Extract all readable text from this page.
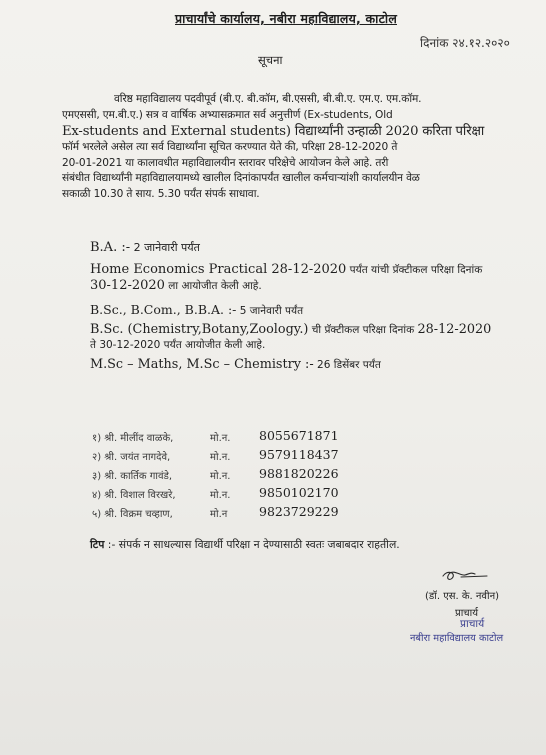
प्राचार्यांचे कार्यालय, नबीरा महाविद्यालय, काटोल
दिनांक २४.१२.२०२०
सूचना
वरिष्ठ महाविद्यालय पदवीपूर्व (बी.ए. बी.कॉम, बी.एससी, बी.बी.ए. एम.ए. एम.कॉम.
एमएससी, एम.बी.ए.) सत्र व वार्षिक अभ्यासक्रमात सर्व अनुत्तीर्ण (Ex-students, Old
Ex-students and External students) विद्यार्थ्यांनी उन्हाळी 2020 करिता परिक्षा
फॉर्म भरलेले असेल त्या सर्व विद्यार्थ्यांना सूचित करण्यात येते की, परिक्षा 28-12-2020 ते
20-01-2021 या कालावधीत महाविद्यालयीन स्तरावर परिक्षेचे आयोजन केले आहे. तरी
संबंधीत विद्यार्थ्यांनी महाविद्यालयामध्ये खालील दिनांकापर्यंत खालील कर्मचाऱ्यांशी कार्यालयीन वेळ
सकाळी 10.30 ते साय. 5.30 पर्यंत संपर्क साधावा.
B.A. :- 2 जानेवारी पर्यंत
Home Economics Practical 28-12-2020 पर्यंत यांची प्रॅक्टीकल परिक्षा दिनांक
30-12-2020 ला आयोजीत केली आहे.
B.Sc., B.Com., B.B.A. :- 5 जानेवारी पर्यंत
B.Sc. (Chemistry,Botany,Zoology.) ची प्रॅक्टीकल परिक्षा दिनांक 28-12-2020
ते 30-12-2020 पर्यंत आयोजीत केली आहे.
M.Sc – Maths, M.Sc – Chemistry :- 26 डिसेंबर पर्यंत
१) श्री. मीलींद वाळके,	मो.न. 8055671871
२) श्री. जयंत नागदेवे,	मो.न. 9579118437
३) श्री. कार्तिक गावंडे,	मो.न. 9881820226
४) श्री. विशाल विरखरे,	मो.न. 9850102170
५) श्री. विक्रम चव्हाण,	मो.न	9823729229
टिप :- संपर्क न साधल्यास विद्यार्थी परिक्षा न देण्यासाठी स्वतः जबाबदार राहतील.
(डॉ. एस. के. नवीन)
प्राचार्य
प्राचार्य
नबीरा महाविद्यालय काटोल
